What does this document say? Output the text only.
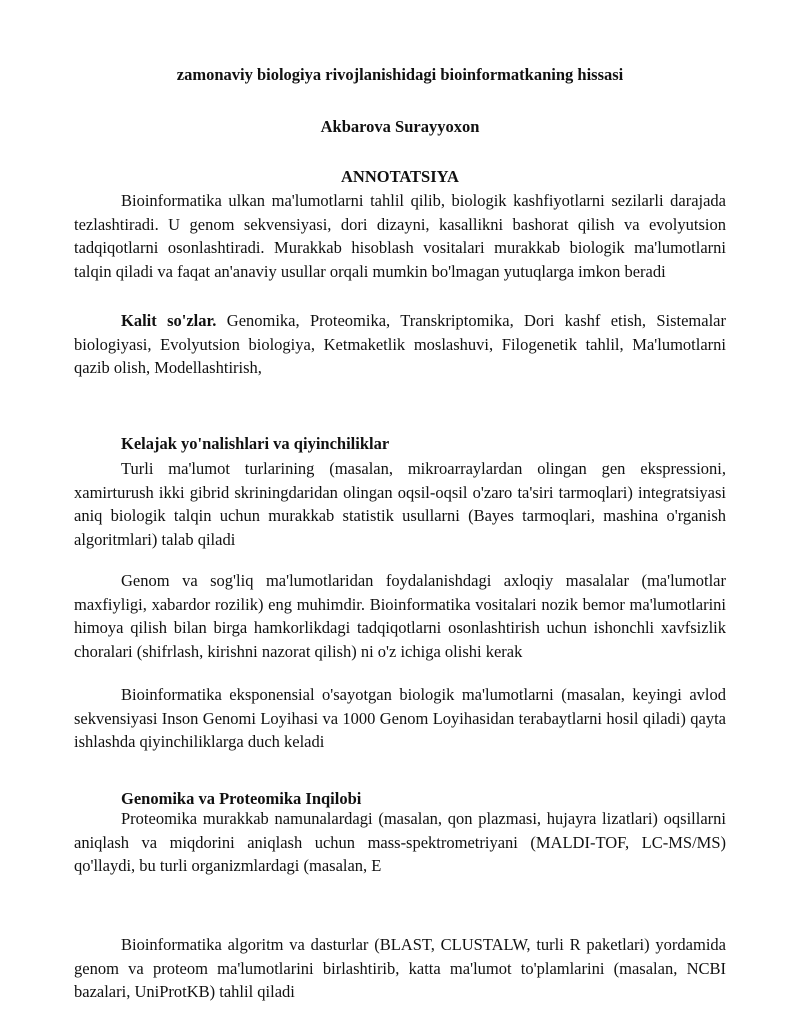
zamonaviy biologiya rivojlanishidagi bioinformatkaning hissasi
Akbarova Surayyoxon
ANNOTATSIYA

Bioinformatika ulkan ma'lumotlarni tahlil qilib, biologik kashfiyotlarni sezilarli darajada tezlashtiradi. U genom sekvensiyasi, dori dizayni, kasallikni bashorat qilish va evolyutsion tadqiqotlarni osonlashtiradi. Murakkab hisoblash vositalari murakkab biologik ma'lumotlarni talqin qiladi va faqat an'anaviy usullar orqali mumkin bo'lmagan yutuqlarga imkon beradi

Kalit so'zlar. Genomika, Proteomika, Transkriptomika, Dori kashf etish, Sistemalar biologiyasi, Evolyutsion biologiya, Ketmaketlik moslashuvi, Filogenetik tahlil, Ma'lumotlarni qazib olish, Modellashtirish,

Kelajak yo'nalishlari va qiyinchiliklar

Turli ma'lumot turlarining (masalan, mikroarraylardan olingan gen ekspressioni, xamirturush ikki gibrid skriningdaridan olingan oqsil-oqsil o'zaro ta'siri tarmoqlari) integratsiyasi aniq biologik talqin uchun murakkab statistik usullarni (Bayes tarmoqlari, mashina o'rganish algoritmlari) talab qiladi

Genom va sog'liq ma'lumotlaridan foydalanishdagi axloqiy masalalar (ma'lumotlar maxfiyligi, xabardor rozilik) eng muhimdir. Bioinformatika vositalari nozik bemor ma'lumotlarini himoya qilish bilan birga hamkorlikdagi tadqiqotlarni osonlashtirish uchun ishonchli xavfsizlik choralari (shifrlash, kirishni nazorat qilish) ni o'z ichiga olishi kerak

Bioinformatika eksponensial o'sayotgan biologik ma'lumotlarni (masalan, keyingi avlod sekvensiyasi Inson Genomi Loyihasi va 1000 Genom Loyihasidan terabaytlarni hosil qiladi) qayta ishlashda qiyinchiliklarga duch keladi

Genomika va Proteomika Inqilobi

Proteomika murakkab namunalardagi (masalan, qon plazmasi, hujayra lizatlari) oqsillarni aniqlash va miqdorini aniqlash uchun mass-spektrometriyani (MALDI-TOF, LC-MS/MS) qo'llaydi, bu turli organizmlardagi (masalan, E

Bioinformatika algoritm va dasturlar (BLAST, CLUSTALW, turli R paketlari) yordamida genom va proteom ma'lumotlarini birlashtirib, katta ma'lumot to'plamlarini (masalan, NCBI bazalari, UniProtKB) tahlil qiladi
